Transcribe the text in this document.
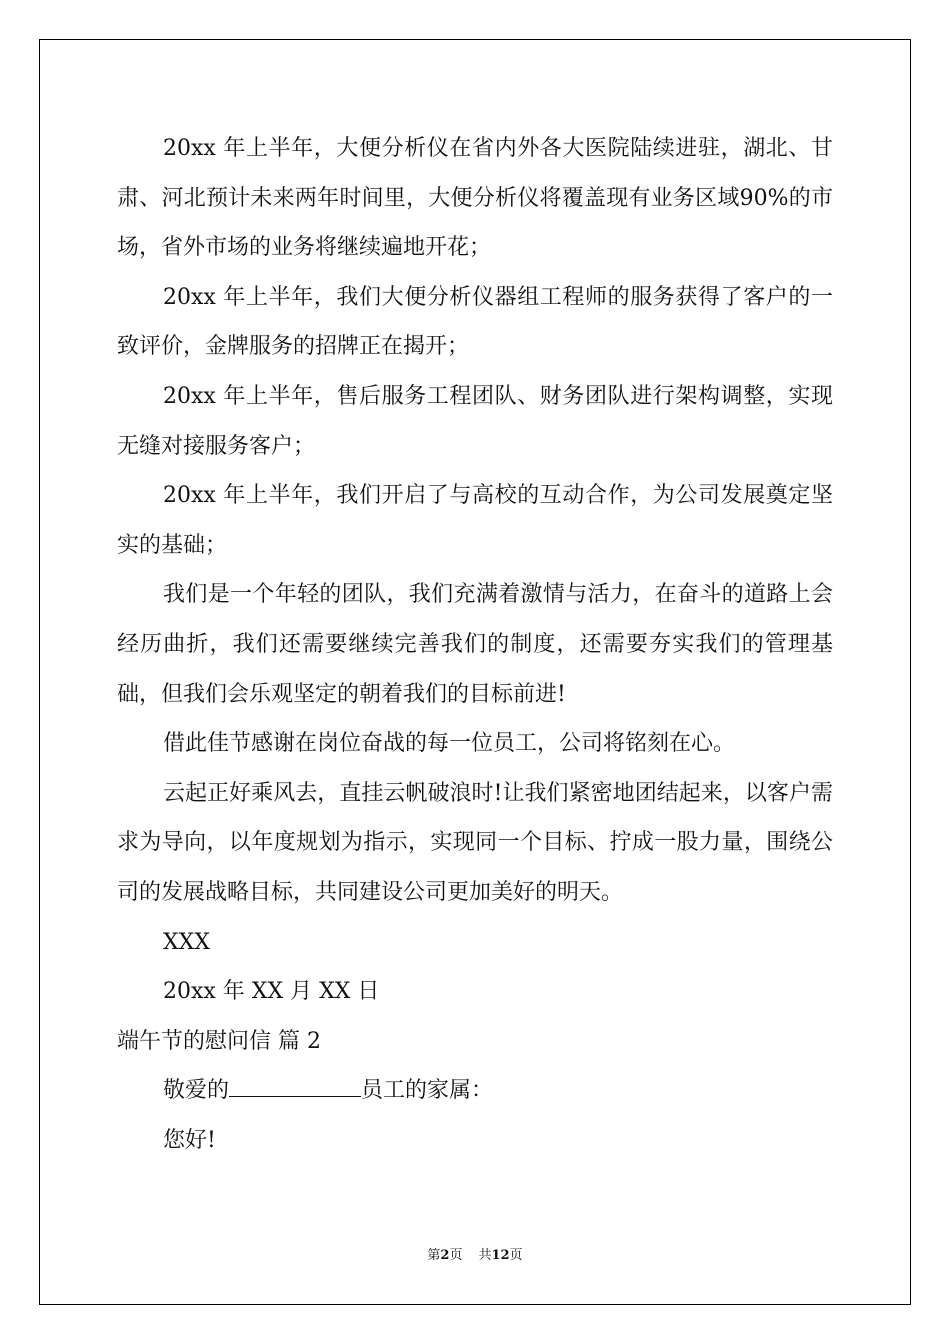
20xx 年上半年，大便分析仪在省内外各大医院陆续进驻，湖北、甘肃、河北预计未来两年时间里，大便分析仪将覆盖现有业务区域90%的市场，省外市场的业务将继续遍地开花；

20xx 年上半年，我们大便分析仪器组工程师的服务获得了客户的一致评价，金牌服务的招牌正在揭开；

20xx 年上半年，售后服务工程团队、财务团队进行架构调整，实现无缝对接服务客户；

20xx 年上半年，我们开启了与高校的互动合作，为公司发展奠定坚实的基础；

我们是一个年轻的团队，我们充满着激情与活力，在奋斗的道路上会经历曲折，我们还需要继续完善我们的制度，还需要夯实我们的管理基础，但我们会乐观坚定的朝着我们的目标前进!

借此佳节感谢在岗位奋战的每一位员工，公司将铭刻在心。

云起正好乘风去，直挂云帆破浪时!让我们紧密地团结起来，以客户需求为导向，以年度规划为指示，实现同一个目标、拧成一股力量，围绕公司的发展战略目标，共同建设公司更加美好的明天。

XXX

20xx 年 XX 月 XX 日

端午节的慰问信 篇 2

敬爱的	员工的家属：

您好!

第2页 共12页
